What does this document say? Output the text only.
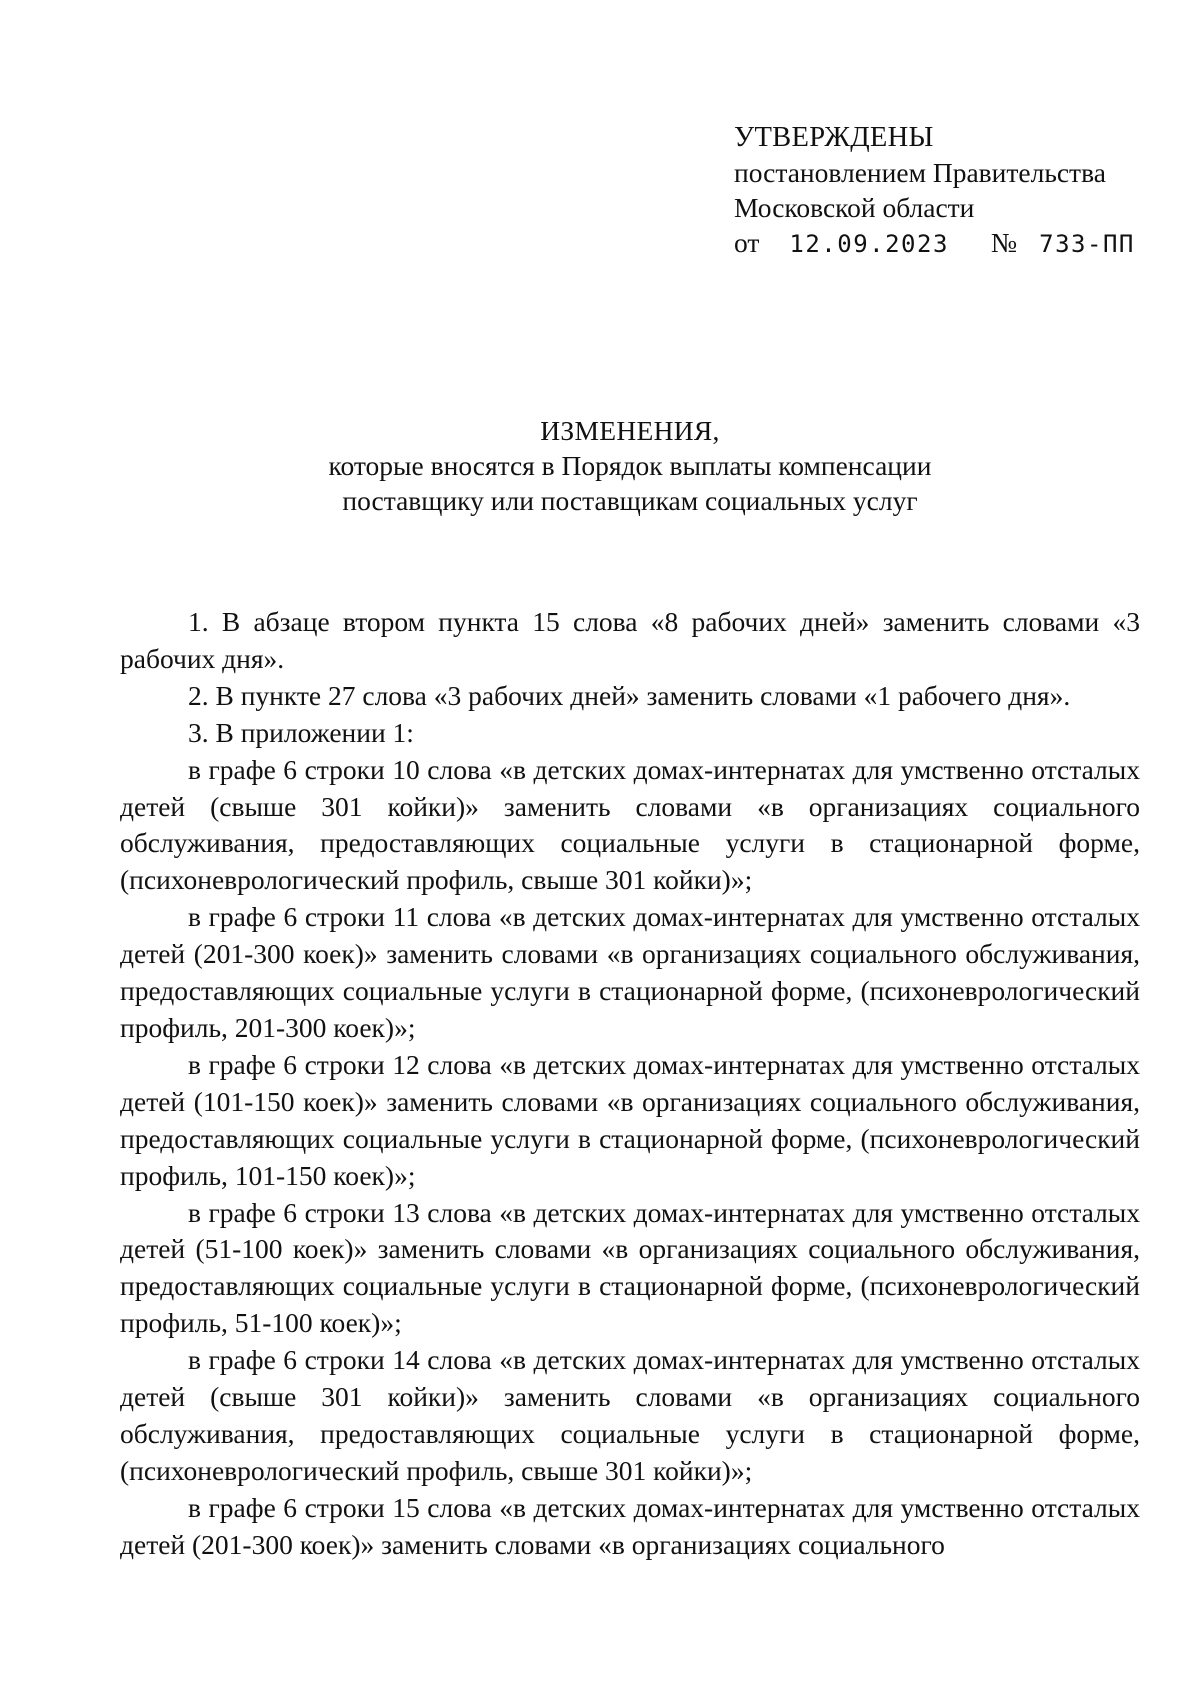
УТВЕРЖДЕНЫ
постановлением Правительства
Московской области
от 12.09.2023 № 733-ПП
ИЗМЕНЕНИЯ,
которые вносятся в Порядок выплаты компенсации
поставщику или поставщикам социальных услуг

1. В абзаце втором пункта 15 слова «8 рабочих дней» заменить словами «3 рабочих дня».

2. В пункте 27 слова «3 рабочих дней» заменить словами «1 рабочего дня».

3. В приложении 1:

в графе 6 строки 10 слова «в детских домах-интернатах для умственно отсталых детей (свыше 301 койки)» заменить словами «в организациях социального обслуживания, предоставляющих социальные услуги в стационарной форме, (психоневрологический профиль, свыше 301 койки)»;

в графе 6 строки 11 слова «в детских домах-интернатах для умственно отсталых детей (201-300 коек)» заменить словами «в организациях социального обслуживания, предоставляющих социальные услуги в стационарной форме, (психоневрологический профиль, 201-300 коек)»;

в графе 6 строки 12 слова «в детских домах-интернатах для умственно отсталых детей (101-150 коек)» заменить словами «в организациях социального обслуживания, предоставляющих социальные услуги в стационарной форме, (психоневрологический профиль, 101-150 коек)»;

в графе 6 строки 13 слова «в детских домах-интернатах для умственно отсталых детей (51-100 коек)» заменить словами «в организациях социального обслуживания, предоставляющих социальные услуги в стационарной форме, (психоневрологический профиль, 51-100 коек)»;

в графе 6 строки 14 слова «в детских домах-интернатах для умственно отсталых детей (свыше 301 койки)» заменить словами «в организациях социального обслуживания, предоставляющих социальные услуги в стационарной форме, (психоневрологический профиль, свыше 301 койки)»;

в графе 6 строки 15 слова «в детских домах-интернатах для умственно отсталых детей (201-300 коек)» заменить словами «в организациях социального
